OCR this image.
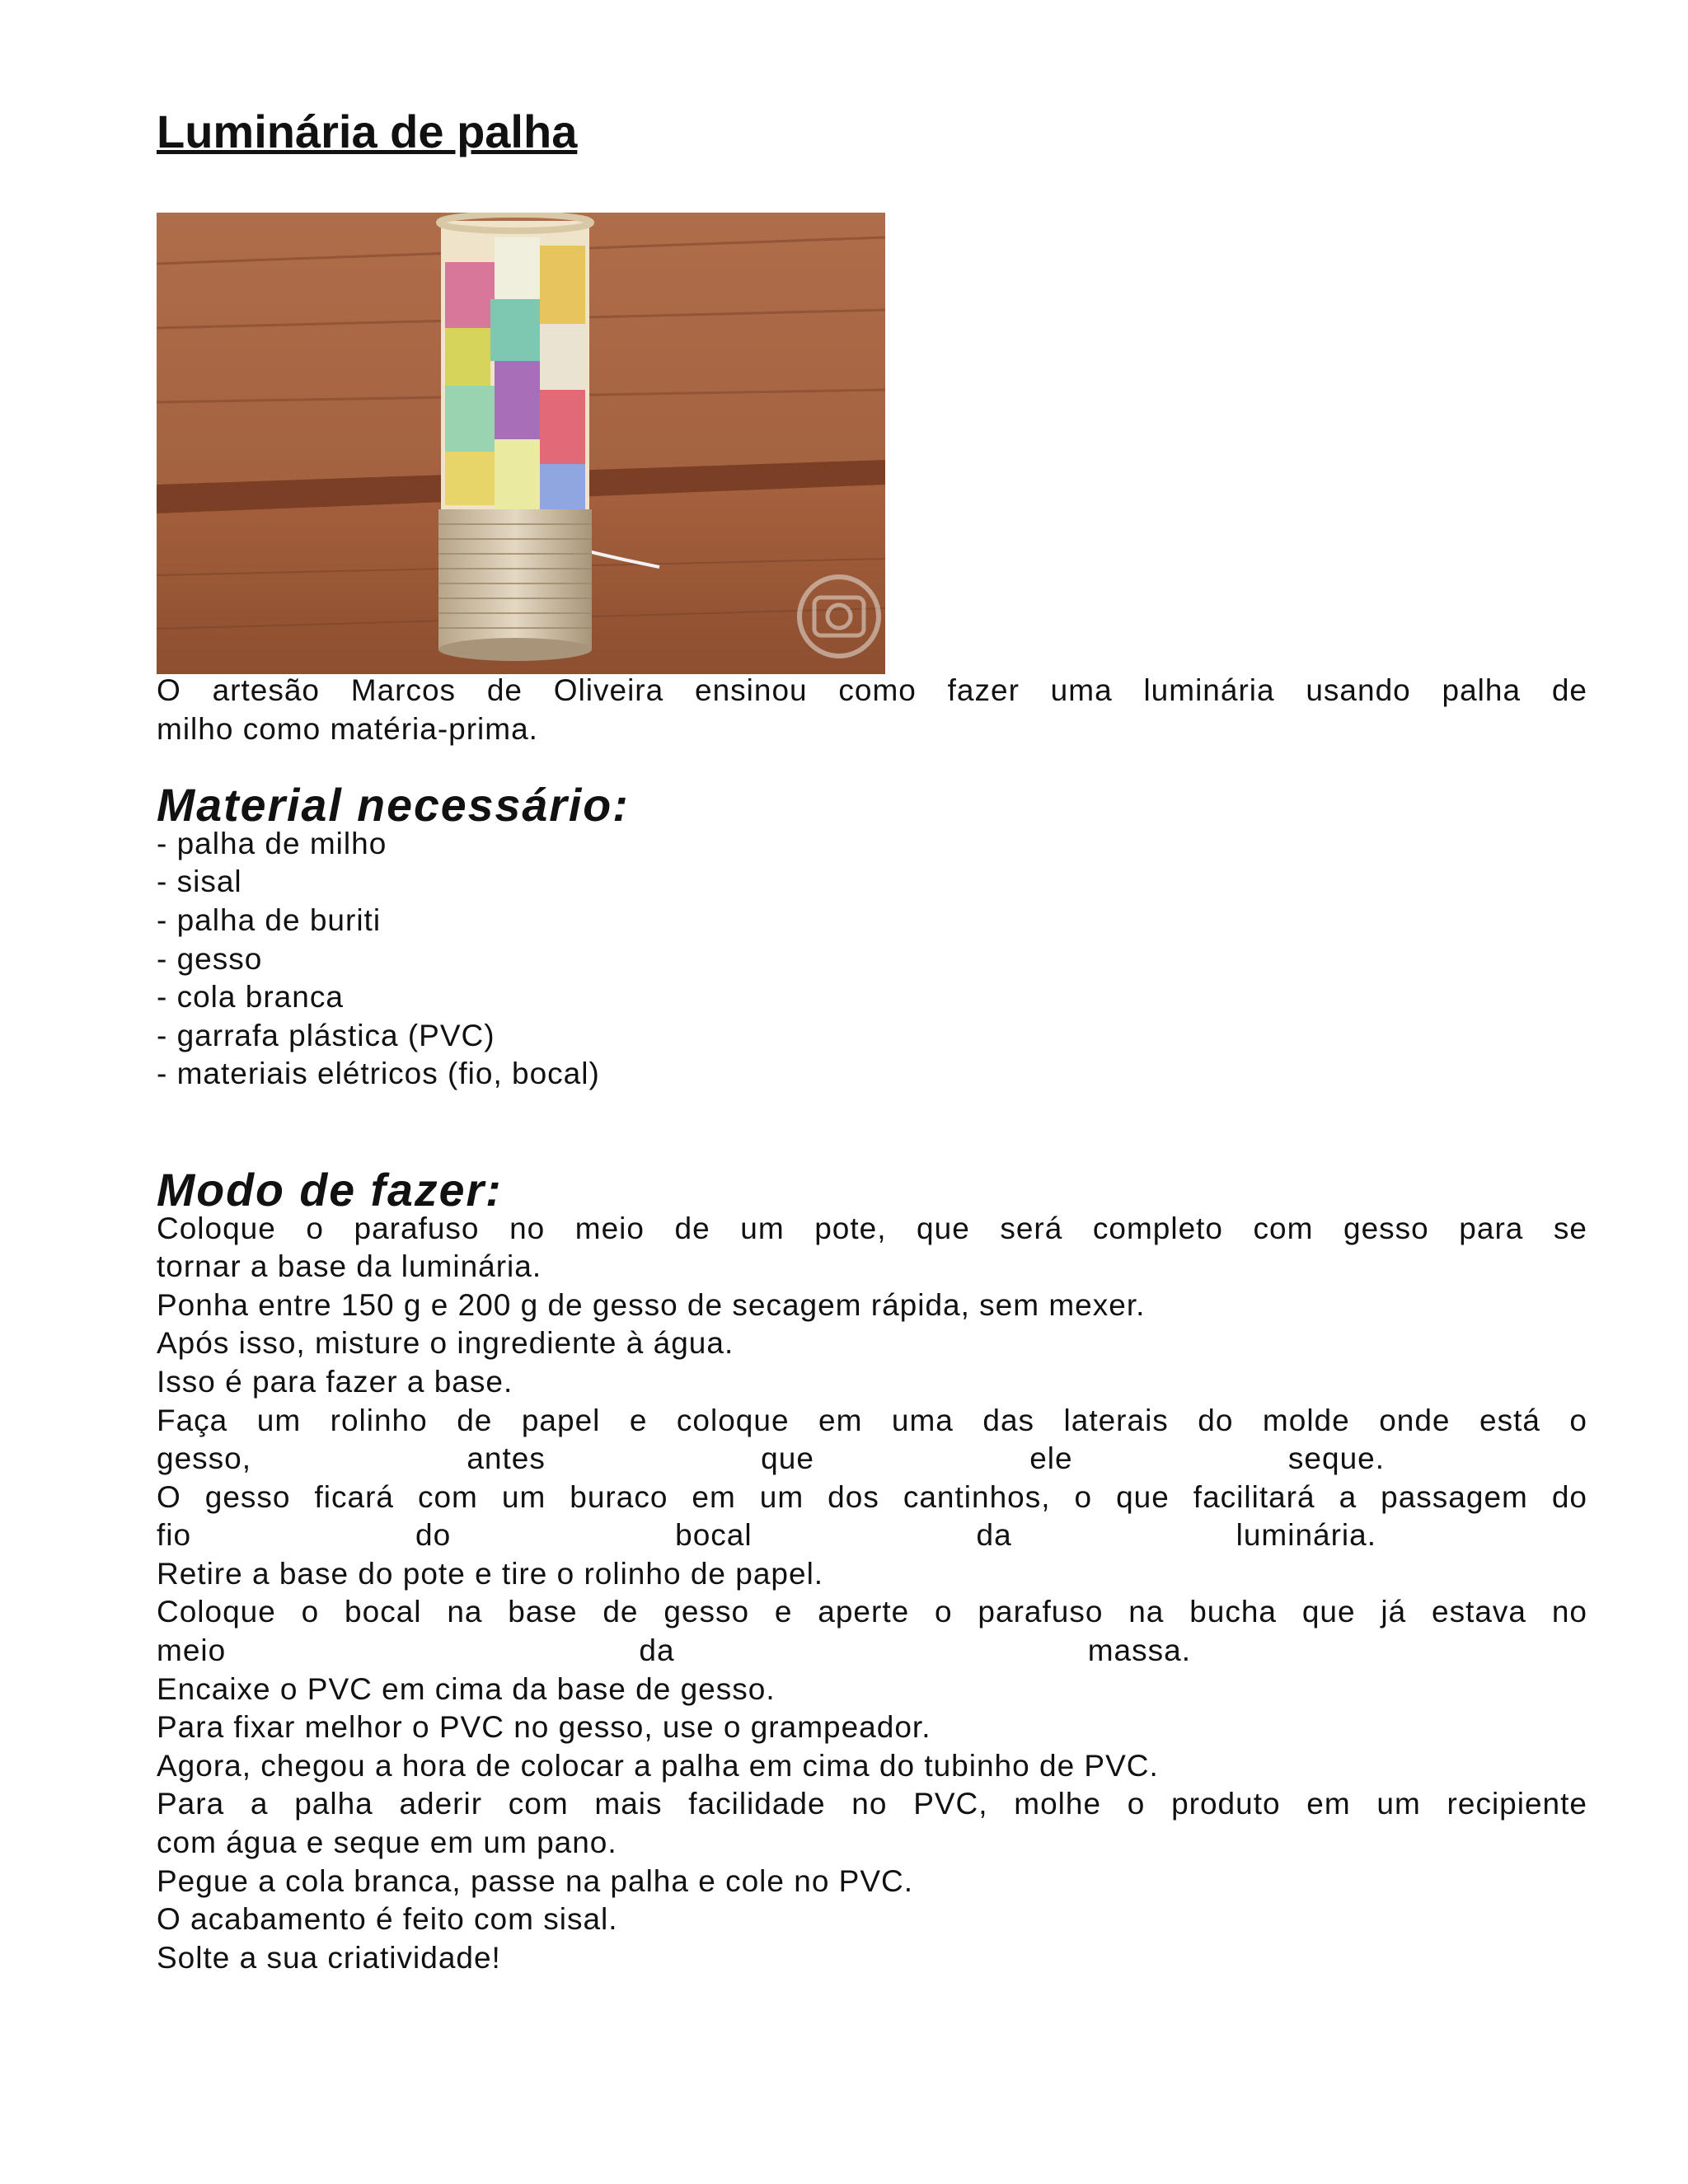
Luminária de palha

O artesão Marcos de Oliveira ensinou como fazer uma luminária usando palha de

milho como matéria-prima.

Material necessário:
- palha de milho
- sisal
- palha de buriti
- gesso
- cola branca
- garrafa plástica (PVC)
- materiais elétricos (fio, bocal)
Modo de fazer:

Coloque o parafuso no meio de um pote, que será completo com gesso para se

tornar a base da luminária.

Ponha entre 150 g e 200 g de gesso de secagem rápida, sem mexer.

Após isso, misture o ingrediente à água.

Isso é para fazer a base.

Faça um rolinho de papel e coloque em uma das laterais do molde onde está o

gesso, antes que ele seque.

O gesso ficará com um buraco em um dos cantinhos, o que facilitará a passagem do

fio do bocal da luminária.

Retire a base do pote e tire o rolinho de papel.

Coloque o bocal na base de gesso e aperte o parafuso na bucha que já estava no

meio da massa.

Encaixe o PVC em cima da base de gesso.

Para fixar melhor o PVC no gesso, use o grampeador.

Agora, chegou a hora de colocar a palha em cima do tubinho de PVC.

Para a palha aderir com mais facilidade no PVC, molhe o produto em um recipiente

com água e seque em um pano.

Pegue a cola branca, passe na palha e cole no PVC.

O acabamento é feito com sisal.

Solte a sua criatividade!
